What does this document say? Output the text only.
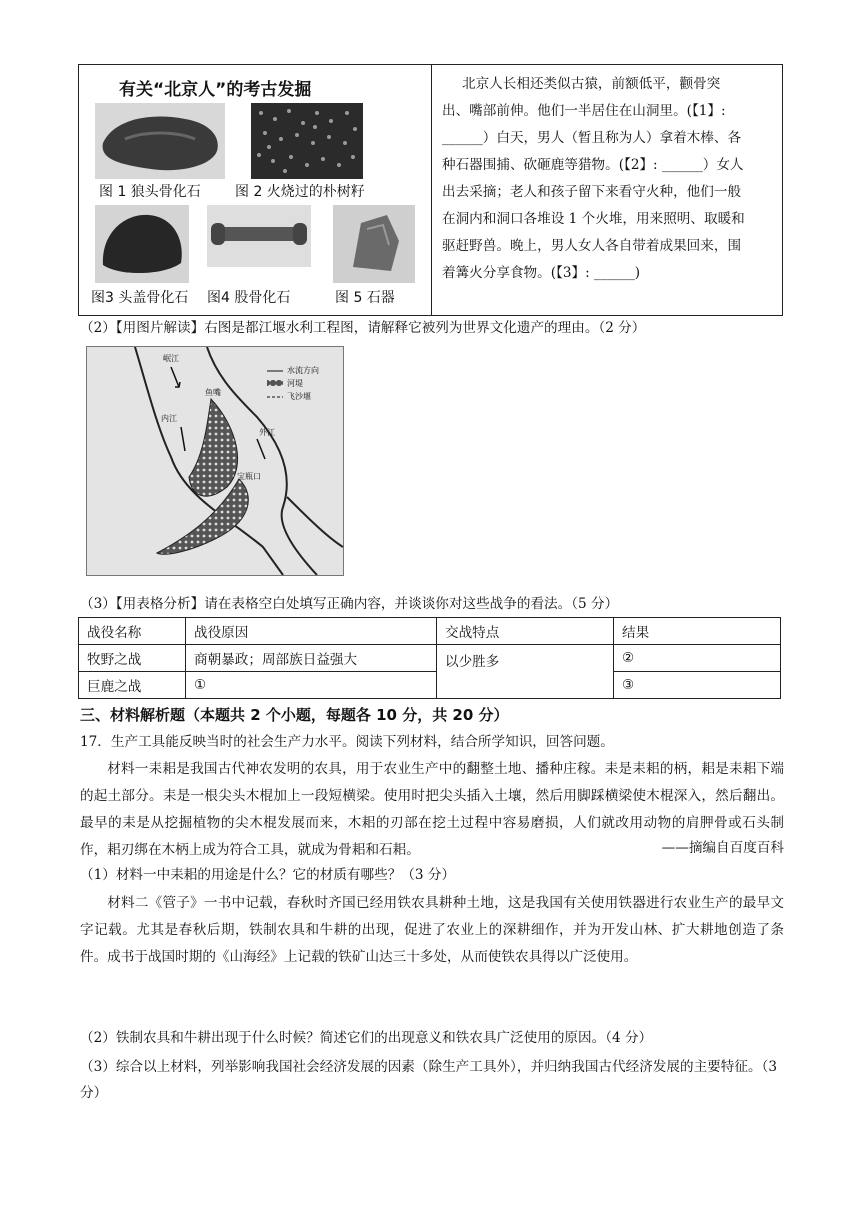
有关“北京人”的考古发掘
图 1 狼头骨化石 图 2 火烧过的朴树籽
图3 头盖骨化石 图4 股骨化石	图 5 石器
北京人长相还类似古猿，前额低平，颧骨突
出、嘴部前伸。他们一半居住在山洞里。(【1】:
______）白天，男人（暂且称为人）拿着木棒、各
种石器围捕、砍砸鹿等猎物。(【2】: ______）女人
出去采摘；老人和孩子留下来看守火种，他们一般
在洞内和洞口各堆设 1 个火堆，用来照明、取暖和
驱赶野兽。晚上，男人女人各自带着成果回来，围
着篝火分享食物。(【3】: ______)
（2）【用图片解读】右图是都江堰水利工程图，请解释它被列为世界文化遗产的理由。（2 分）
岷江
鱼嘴
内江
外江
宝瓶口
水流方向
河堤
飞沙堰
（3）【用表格分析】请在表格空白处填写正确内容，并谈谈你对这些战争的看法。（5 分）
战役名称	战役原因	交战特点	结果
牧野之战	商朝暴政；周部族日益强大	以少胜多	②
巨鹿之战	①		③
三、材料解析题（本题共 2 个小题，每题各 10 分，共 20 分）
17．生产工具能反映当时的社会生产力水平。阅读下列材料，结合所学知识，回答问题。
材料一耒耜是我国古代神农发明的农具，用于农业生产中的翻整土地、播种庄稼。耒是耒耜的柄，耜是耒耜下端的起土部分。耒是一根尖头木棍加上一段短横梁。使用时把尖头插入土壤，然后用脚踩横梁使木棍深入，然后翻出。最早的耒是从挖掘植物的尖木棍发展而来，木耜的刃部在挖土过程中容易磨损，人们就改用动物的肩胛骨或石头制作，耜刃绑在木柄上成为符合工具，就成为骨耜和石耜。	——摘编自百度百科
（1）材料一中耒耜的用途是什么？它的材质有哪些？（3 分）
材料二《管子》一书中记载，春秋时齐国已经用铁农具耕种土地，这是我国有关使用铁器进行农业生产的最早文字记载。尤其是春秋后期，铁制农具和牛耕的出现，促进了农业上的深耕细作，并为开发山林、扩大耕地创造了条件。成书于战国时期的《山海经》上记载的铁矿山达三十多处，从而使铁农具得以广泛使用。
（2）铁制农具和牛耕出现于什么时候？简述它们的出现意义和铁农具广泛使用的原因。（4 分）
（3）综合以上材料，列举影响我国社会经济发展的因素（除生产工具外），并归纳我国古代经济发展的主要特征。（3 分）
